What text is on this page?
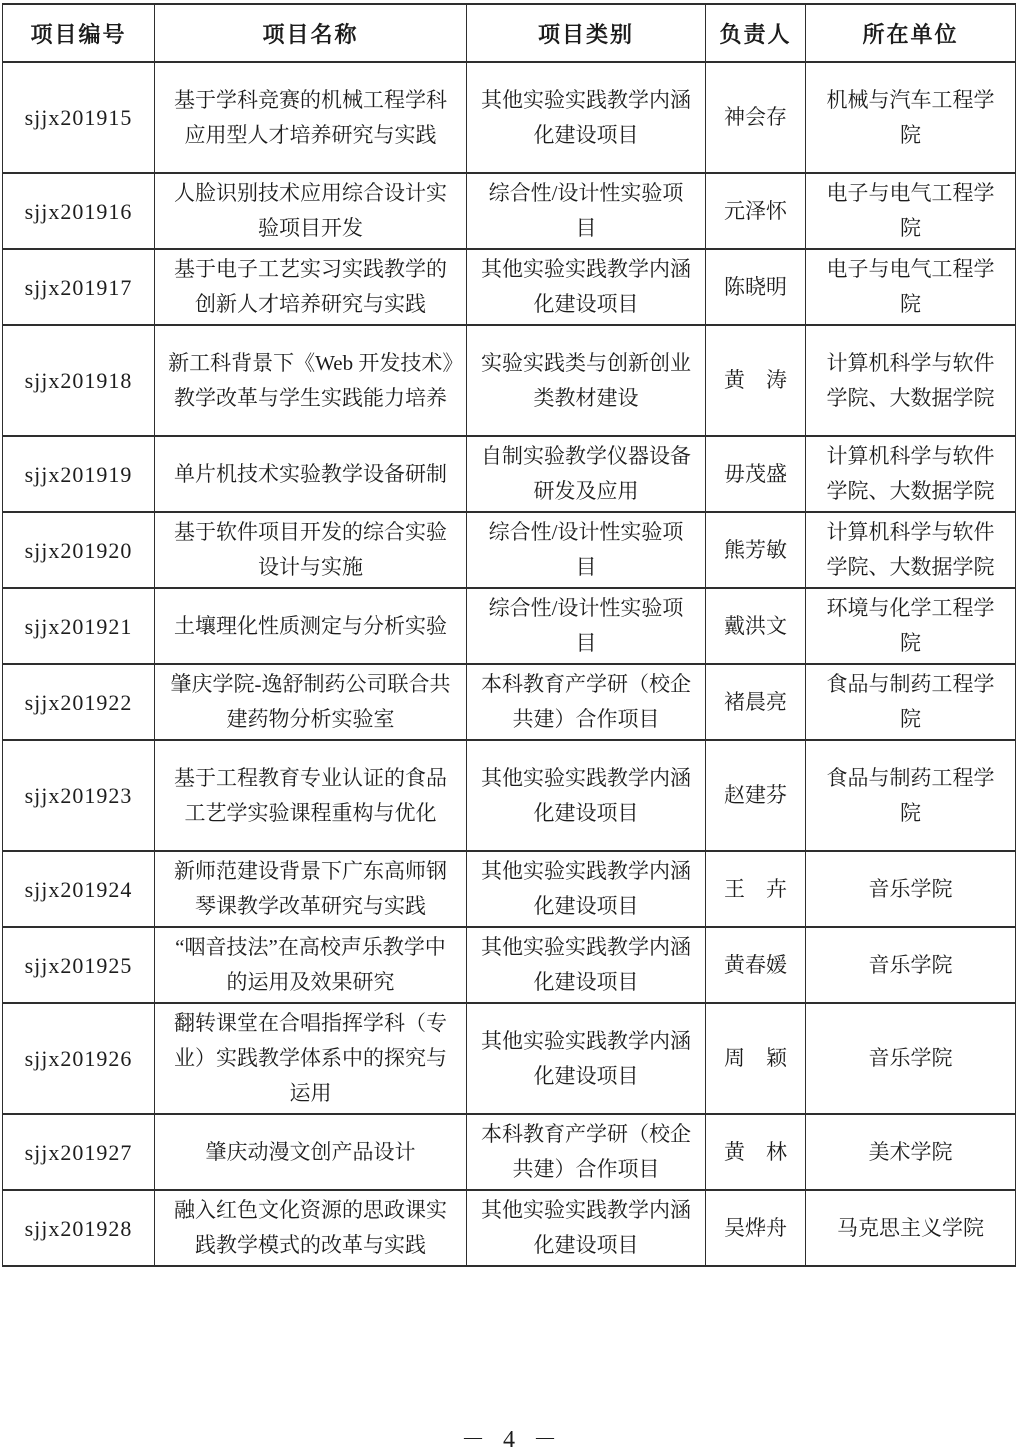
项目编号	项目名称	项目类别	负责人	所在单位
sjjx201915	基于学科竞赛的机械工程学科应用型人才培养研究与实践	其他实验实践教学内涵化建设项目	神会存	机械与汽车工程学院
sjjx201916	人脸识别技术应用综合设计实验项目开发	综合性/设计性实验项目	元泽怀	电子与电气工程学院
sjjx201917	基于电子工艺实习实践教学的创新人才培养研究与实践	其他实验实践教学内涵化建设项目	陈晓明	电子与电气工程学院
sjjx201918	新工科背景下《Web 开发技术》教学改革与学生实践能力培养	实验实践类与创新创业类教材建设	黄　涛	计算机科学与软件学院、大数据学院
sjjx201919	单片机技术实验教学设备研制	自制实验教学仪器设备研发及应用	毋茂盛	计算机科学与软件学院、大数据学院
sjjx201920	基于软件项目开发的综合实验设计与实施	综合性/设计性实验项目	熊芳敏	计算机科学与软件学院、大数据学院
sjjx201921	土壤理化性质测定与分析实验	综合性/设计性实验项目	戴洪文	环境与化学工程学院
sjjx201922	肇庆学院-逸舒制药公司联合共建药物分析实验室	本科教育产学研（校企共建）合作项目	褚晨亮	食品与制药工程学院
sjjx201923	基于工程教育专业认证的食品工艺学实验课程重构与优化	其他实验实践教学内涵化建设项目	赵建芬	食品与制药工程学院
sjjx201924	新师范建设背景下广东高师钢琴课教学改革研究与实践	其他实验实践教学内涵化建设项目	王　卉	音乐学院
sjjx201925	“咽音技法”在高校声乐教学中的运用及效果研究	其他实验实践教学内涵化建设项目	黄春媛	音乐学院
sjjx201926	翻转课堂在合唱指挥学科（专业）实践教学体系中的探究与运用	其他实验实践教学内涵化建设项目	周　颖	音乐学院
sjjx201927	肇庆动漫文创产品设计	本科教育产学研（校企共建）合作项目	黄　林	美术学院
sjjx201928	融入红色文化资源的思政课实践教学模式的改革与实践	其他实验实践教学内涵化建设项目	吴烨舟	马克思主义学院
－ 4 －
